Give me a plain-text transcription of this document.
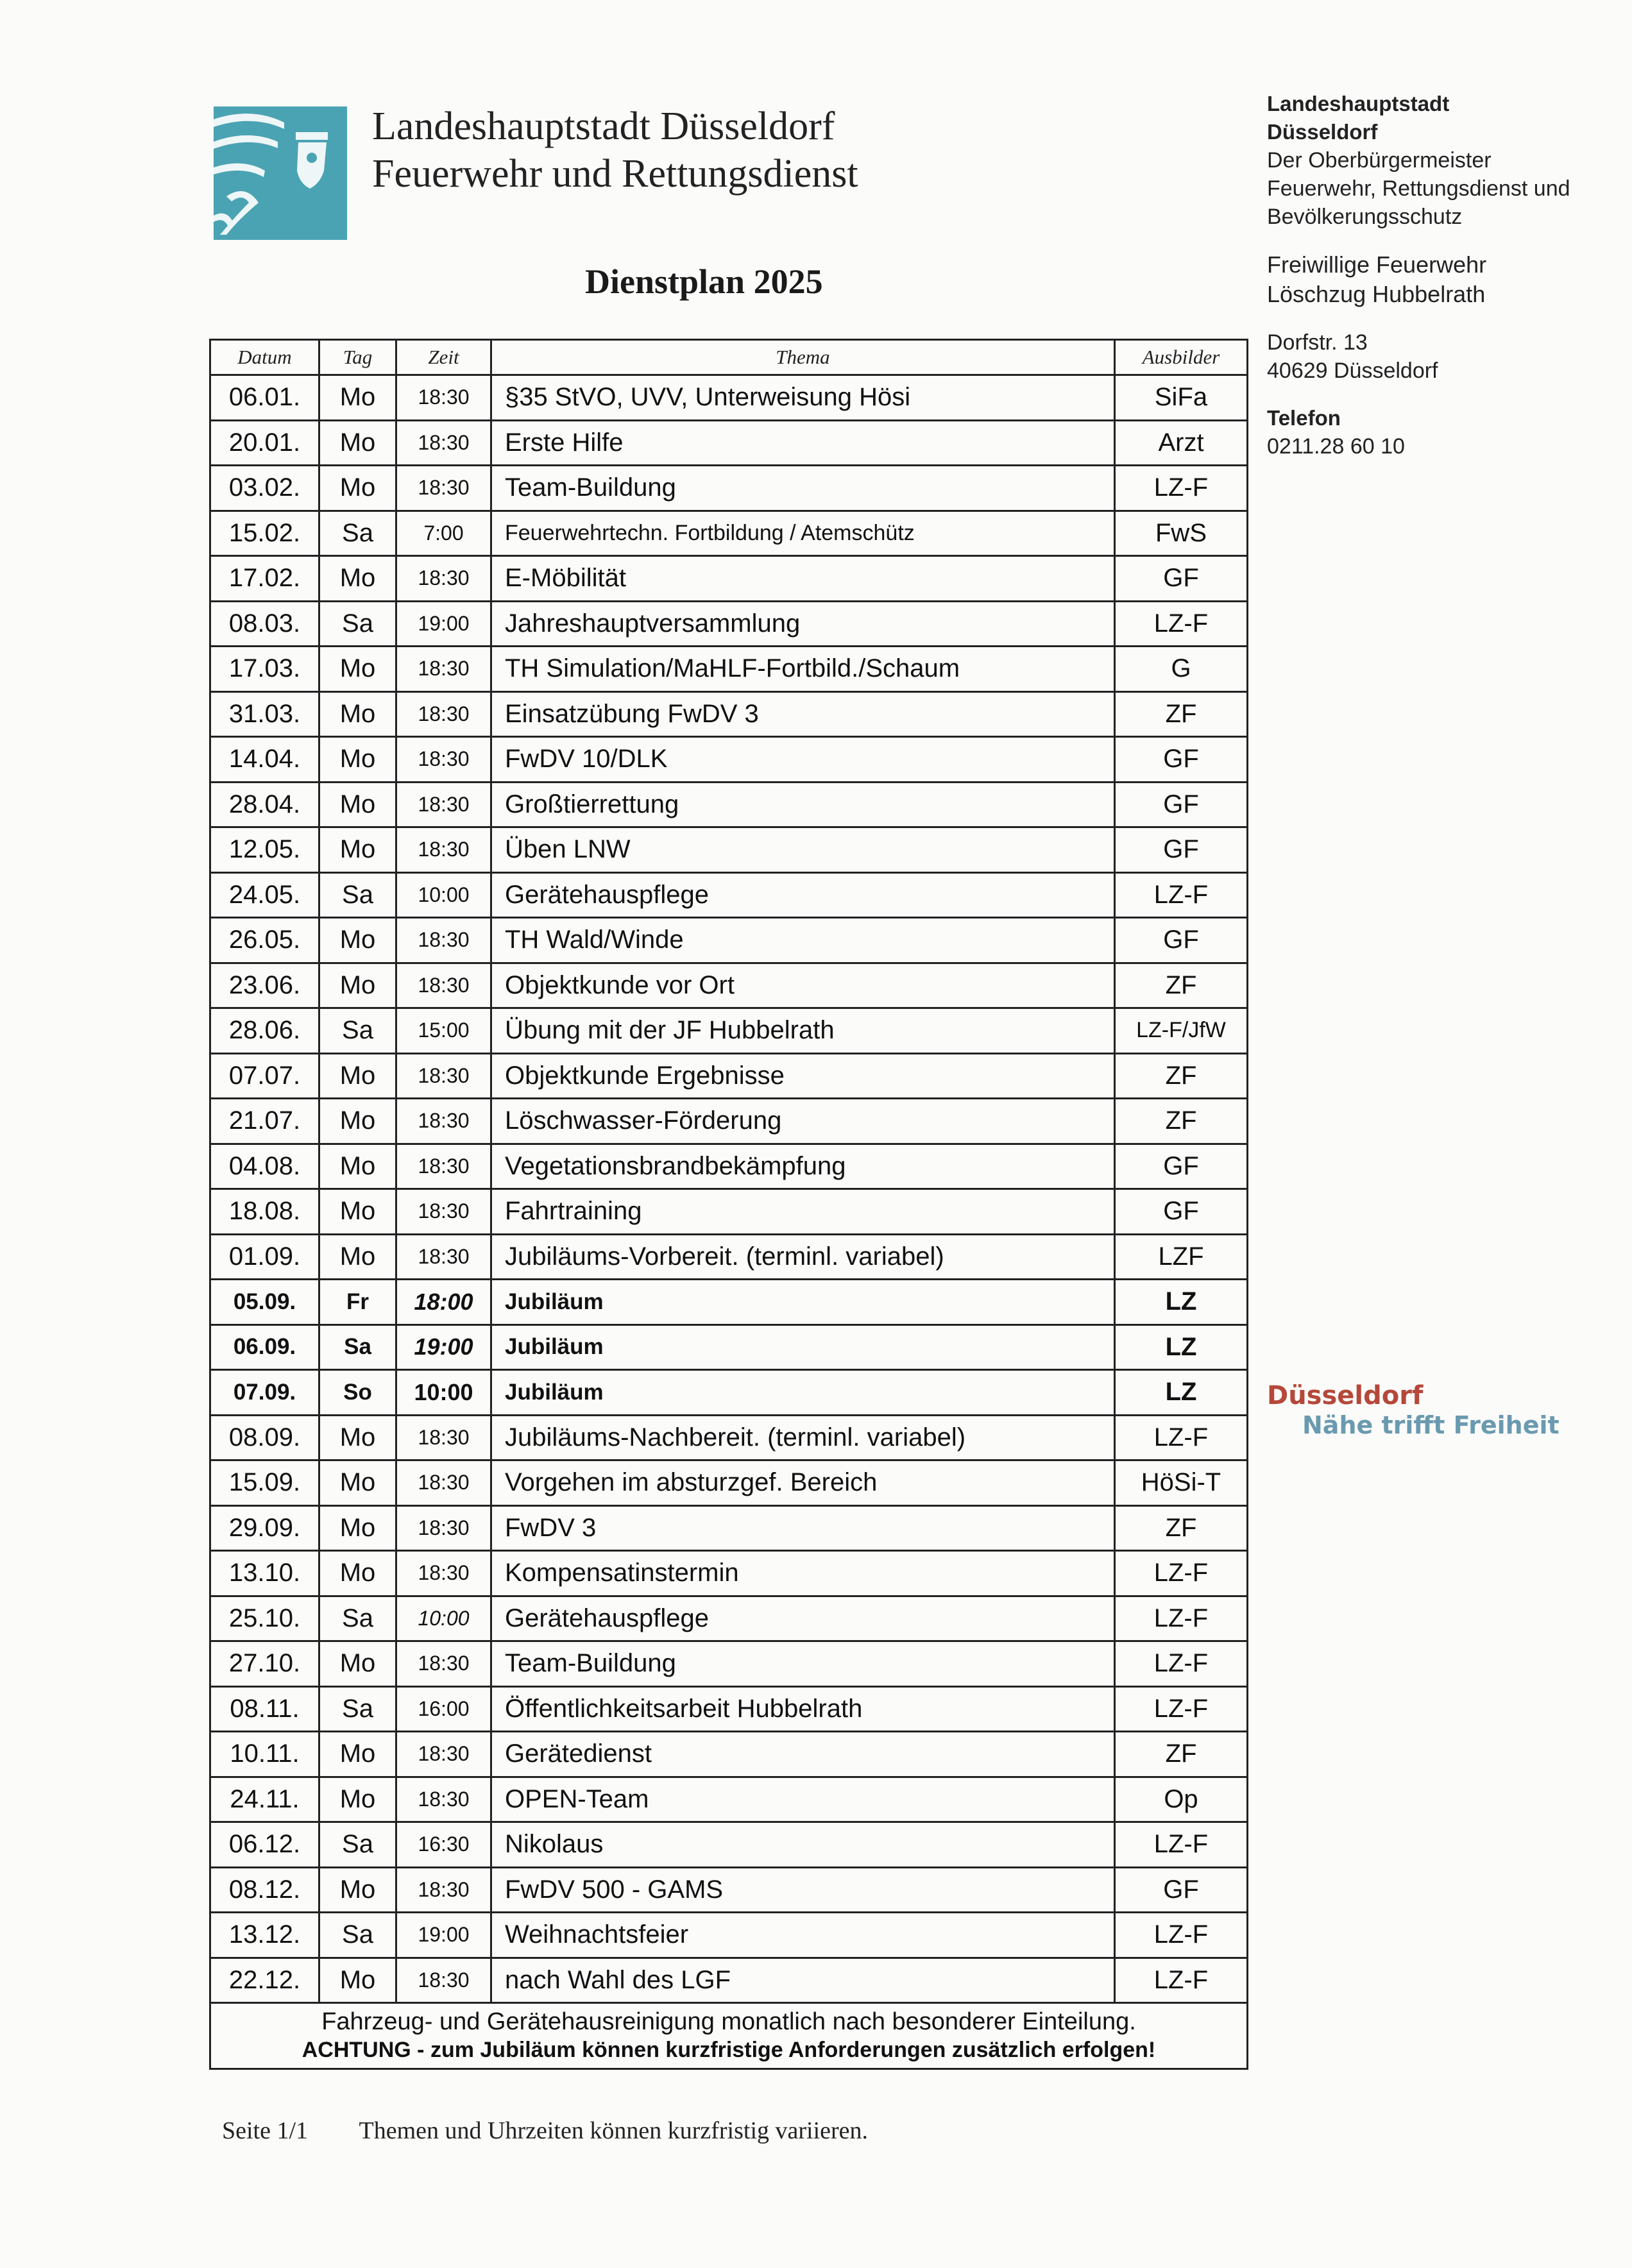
Landeshauptstadt Düsseldorf
Feuerwehr und Rettungsdienst
Dienstplan 2025
Landeshauptstadt
Düsseldorf
Der Oberbürgermeister
Feuerwehr, Rettungsdienst und
Bevölkerungsschutz
Freiwillige Feuerwehr
Löschzug Hubbelrath
Dorfstr. 13
40629 Düsseldorf
Telefon
0211.28 60 10
Düsseldorf
Nähe trifft Freiheit
Datum	Tag	Zeit	Thema	Ausbilder
06.01.	Mo	18:30	§35 StVO, UVV, Unterweisung Hösi	SiFa
20.01.	Mo	18:30	Erste Hilfe	Arzt
03.02.	Mo	18:30	Team-Buildung	LZ-F
15.02.	Sa	7:00	Feuerwehrtechn. Fortbildung / Atemschütz	FwS
17.02.	Mo	18:30	E-Möbilität	GF
08.03.	Sa	19:00	Jahreshauptversammlung	LZ-F
17.03.	Mo	18:30	TH Simulation/MaHLF-Fortbild./Schaum	G
31.03.	Mo	18:30	Einsatzübung FwDV 3	ZF
14.04.	Mo	18:30	FwDV 10/DLK	GF
28.04.	Mo	18:30	Großtierrettung	GF
12.05.	Mo	18:30	Üben LNW	GF
24.05.	Sa	10:00	Gerätehauspflege	LZ-F
26.05.	Mo	18:30	TH Wald/Winde	GF
23.06.	Mo	18:30	Objektkunde vor Ort	ZF
28.06.	Sa	15:00	Übung mit der JF Hubbelrath	LZ-F/JfW
07.07.	Mo	18:30	Objektkunde Ergebnisse	ZF
21.07.	Mo	18:30	Löschwasser-Förderung	ZF
04.08.	Mo	18:30	Vegetationsbrandbekämpfung	GF
18.08.	Mo	18:30	Fahrtraining	GF
01.09.	Mo	18:30	Jubiläums-Vorbereit. (terminl. variabel)	LZF
05.09.	Fr	18:00	Jubiläum	LZ
06.09.	Sa	19:00	Jubiläum	LZ
07.09.	So	10:00	Jubiläum	LZ
08.09.	Mo	18:30	Jubiläums-Nachbereit. (terminl. variabel)	LZ-F
15.09.	Mo	18:30	Vorgehen im absturzgef. Bereich	HöSi-T
29.09.	Mo	18:30	FwDV 3	ZF
13.10.	Mo	18:30	Kompensatinstermin	LZ-F
25.10.	Sa	10:00	Gerätehauspflege	LZ-F
27.10.	Mo	18:30	Team-Buildung	LZ-F
08.11.	Sa	16:00	Öffentlichkeitsarbeit Hubbelrath	LZ-F
10.11.	Mo	18:30	Gerätedienst	ZF
24.11.	Mo	18:30	OPEN-Team	Op
06.12.	Sa	16:30	Nikolaus	LZ-F
08.12.	Mo	18:30	FwDV 500 - GAMS	GF
13.12.	Sa	19:00	Weihnachtsfeier	LZ-F
22.12.	Mo	18:30	nach Wahl des LGF	LZ-F

Fahrzeug- und Gerätehausreinigung monatlich nach besonderer Einteilung.
ACHTUNG - zum Jubiläum können kurzfristige Anforderungen zusätzlich erfolgen!				
Seite 1/1 Themen und Uhrzeiten können kurzfristig variieren.
